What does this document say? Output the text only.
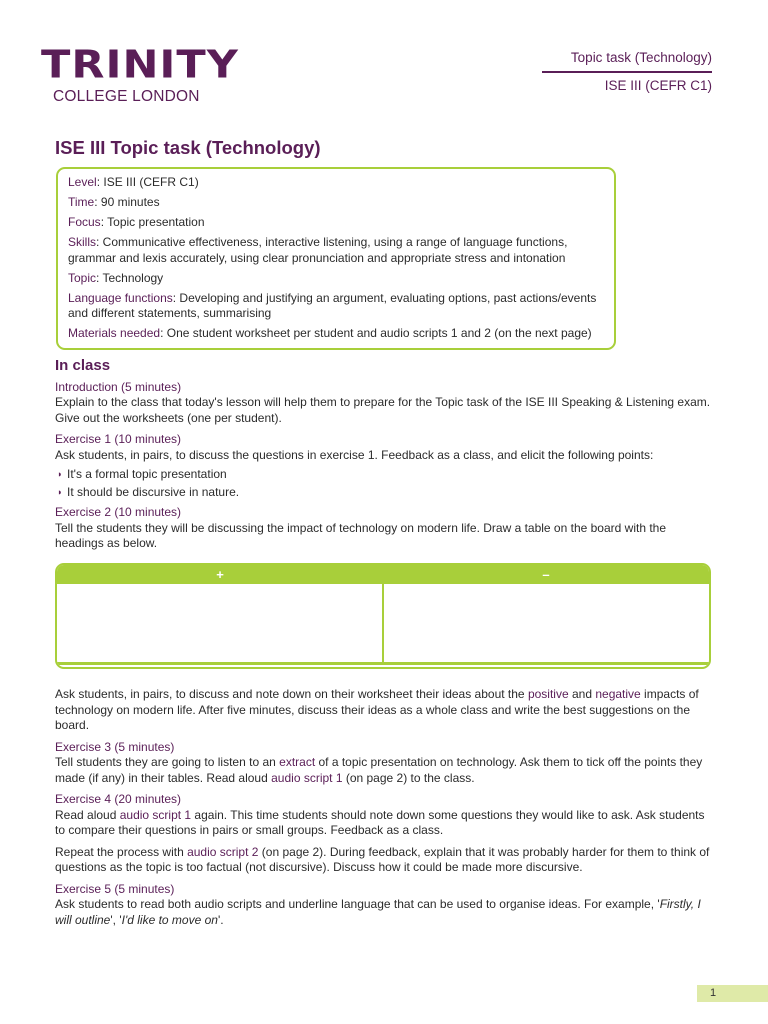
TRINITY
COLLEGE LONDON
Topic task (Technology)
ISE III (CEFR C1)
ISE III Topic task (Technology)

Level: ISE III (CEFR C1)

Time: 90 minutes

Focus: Topic presentation

Skills: Communicative effectiveness, interactive listening, using a range of language functions, grammar and lexis accurately, using clear pronunciation and appropriate stress and intonation

Topic: Technology

Language functions: Developing and justifying an argument, evaluating options, past actions/events and different statements, summarising

Materials needed: One student worksheet per student and audio scripts 1 and 2 (on the next page)

In class
Introduction (5 minutes)

Explain to the class that today's lesson will help them to prepare for the Topic task of the ISE III Speaking & Listening exam. Give out the worksheets (one per student).

Exercise 1 (10 minutes)

Ask students, in pairs, to discuss the questions in exercise 1. Feedback as a class, and elicit the following points:

◗ It's a formal topic presentation
◗ It should be discursive in nature.
Exercise 2 (10 minutes)

Tell the students they will be discussing the impact of technology on modern life. Draw a table on the board with the headings as below.

+	–

Ask students, in pairs, to discuss and note down on their worksheet their ideas about the positive and negative impacts of technology on modern life. After five minutes, discuss their ideas as a whole class and write the best suggestions on the board.

Exercise 3 (5 minutes)

Tell students they are going to listen to an extract of a topic presentation on technology. Ask them to tick off the points they made (if any) in their tables. Read aloud audio script 1 (on page 2) to the class.

Exercise 4 (20 minutes)

Read aloud audio script 1 again. This time students should note down some questions they would like to ask. Ask students to compare their questions in pairs or small groups. Feedback as a class.

Repeat the process with audio script 2 (on page 2). During feedback, explain that it was probably harder for them to think of questions as the topic is too factual (not discursive). Discuss how it could be made more discursive.

Exercise 5 (5 minutes)

Ask students to read both audio scripts and underline language that can be used to organise ideas. For example, 'Firstly, I will outline', 'I'd like to move on'.

1
